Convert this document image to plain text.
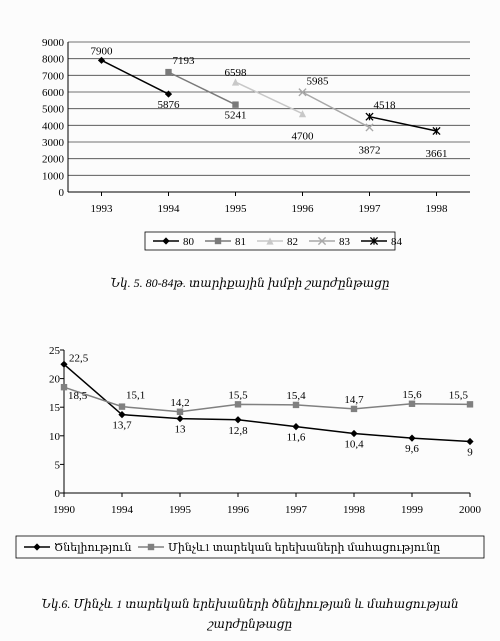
0
1000
2000
3000
4000
5000
6000
7000
8000
9000
1993	1994	1995	1996	1997	1998
7900
5876
7193
5241
6598
4700
5985
3872
4518
3661
80	81	82	83	84
Նկ. 5. 80-84թ. տարիքային խմբի շարժընթացը
0
5
10
15
20
25
1990	1994	1995	1996	1997	1998	1999	2000
22,5
18,5	15,1
13,7
14,2
13
15,5
12,8
15,4
11,6
14,7
10,4
15,6
9,6
15,5
9
Ծնելիություն	Մինչև1 տարեկան երեխաների մահացությունը
Նկ.6. Մինչև 1 տարեկան երեխաների ծնելիության և մահացության շարժընթացը
